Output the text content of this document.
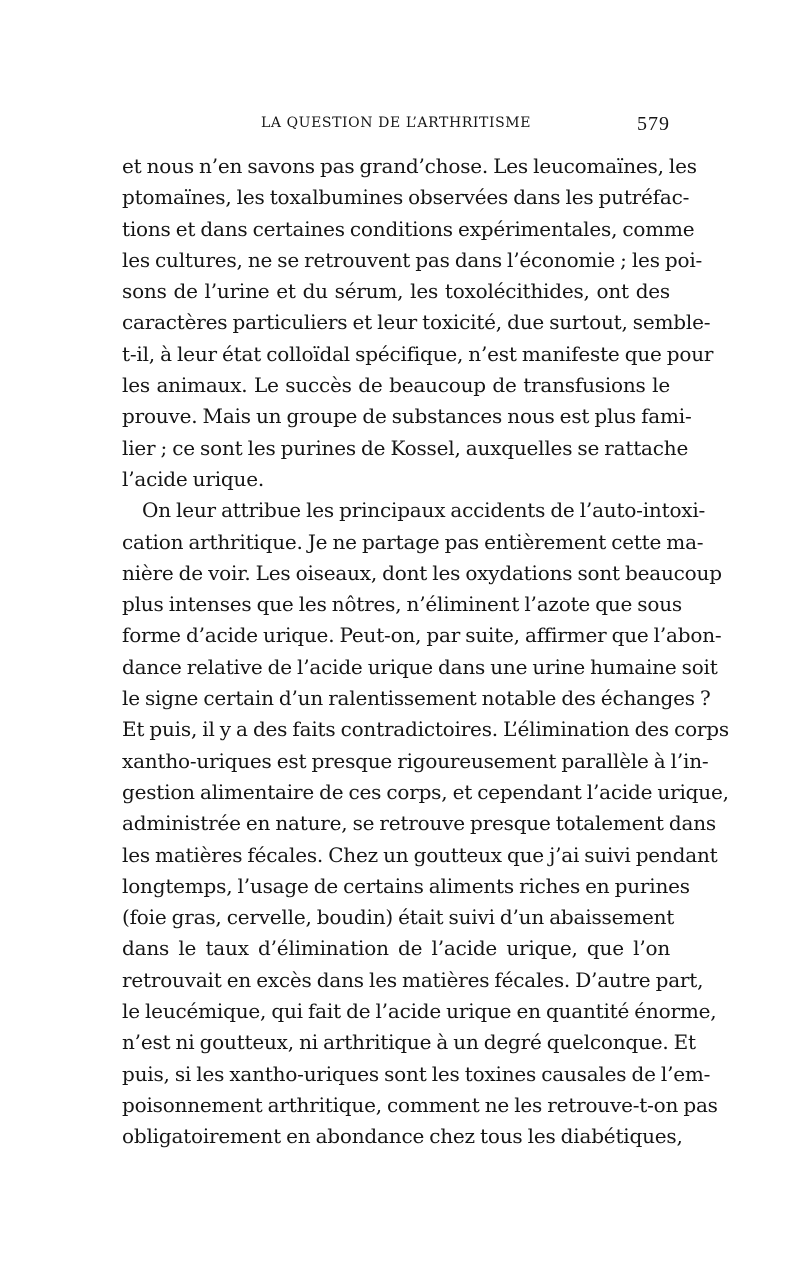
LA QUESTION DE L’ARTHRITISME	579
et nous n’en savons pas grand’chose. Les leucomaïnes, les
ptomaïnes, les toxalbumines observées dans les putréfac-
tions et dans certaines conditions expérimentales, comme
les cultures, ne se retrouvent pas dans l’économie ; les poi-
sons de l’urine et du sérum, les toxolécithides, ont des
caractères particuliers et leur toxicité, due surtout, semble-
t-il, à leur état colloïdal spécifique, n’est manifeste que pour
les animaux. Le succès de beaucoup de transfusions le
prouve. Mais un groupe de substances nous est plus fami-
lier ; ce sont les purines de Kossel, auxquelles se rattache
l’acide urique.
On leur attribue les principaux accidents de l’auto-intoxi-
cation arthritique. Je ne partage pas entièrement cette ma-
nière de voir. Les oiseaux, dont les oxydations sont beaucoup
plus intenses que les nôtres, n’éliminent l’azote que sous
forme d’acide urique. Peut-on, par suite, affirmer que l’abon-
dance relative de l’acide urique dans une urine humaine soit
le signe certain d’un ralentissement notable des échanges ?
Et puis, il y a des faits contradictoires. L’élimination des corps
xantho-uriques est presque rigoureusement parallèle à l’in-
gestion alimentaire de ces corps, et cependant l’acide urique,
administrée en nature, se retrouve presque totalement dans
les matières fécales. Chez un goutteux que j’ai suivi pendant
longtemps, l’usage de certains aliments riches en purines
(foie gras, cervelle, boudin) était suivi d’un abaissement
dans le taux d’élimination de l’acide urique, que l’on
retrouvait en excès dans les matières fécales. D’autre part,
le leucémique, qui fait de l’acide urique en quantité énorme,
n’est ni goutteux, ni arthritique à un degré quelconque. Et
puis, si les xantho-uriques sont les toxines causales de l’em-
poisonnement arthritique, comment ne les retrouve-t-on pas
obligatoirement en abondance chez tous les diabétiques,
